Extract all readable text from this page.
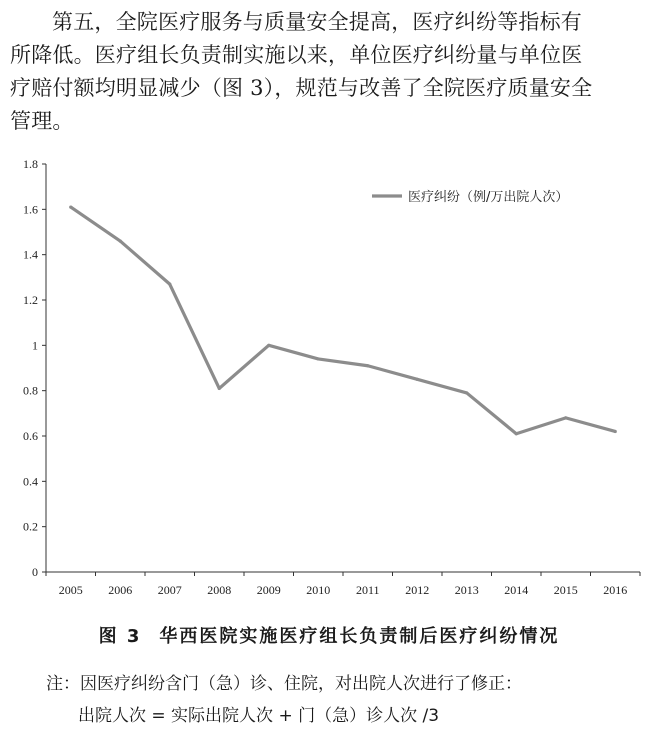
第五，全院医疗服务与质量安全提高，医疗纠纷等指标有
所降低。医疗组长负责制实施以来，单位医疗纠纷量与单位医
疗赔付额均明显减少（图 3），规范与改善了全院医疗质量安全
管理。
0
0.2
0.4
0.6
0.8
1
1.2
1.4
1.6
1.8
2005 2006 2007 2008 2009 2010 2011 2012 2013 2014 2015 2016
医疗纠纷（例/万出院人次）

图 3 华西医院实施医疗组长负责制后医疗纠纷情况

注：因医疗纠纷含门（急）诊、住院，对出院人次进行了修正：
出院人次 = 实际出院人次 + 门（急）诊人次 /3
